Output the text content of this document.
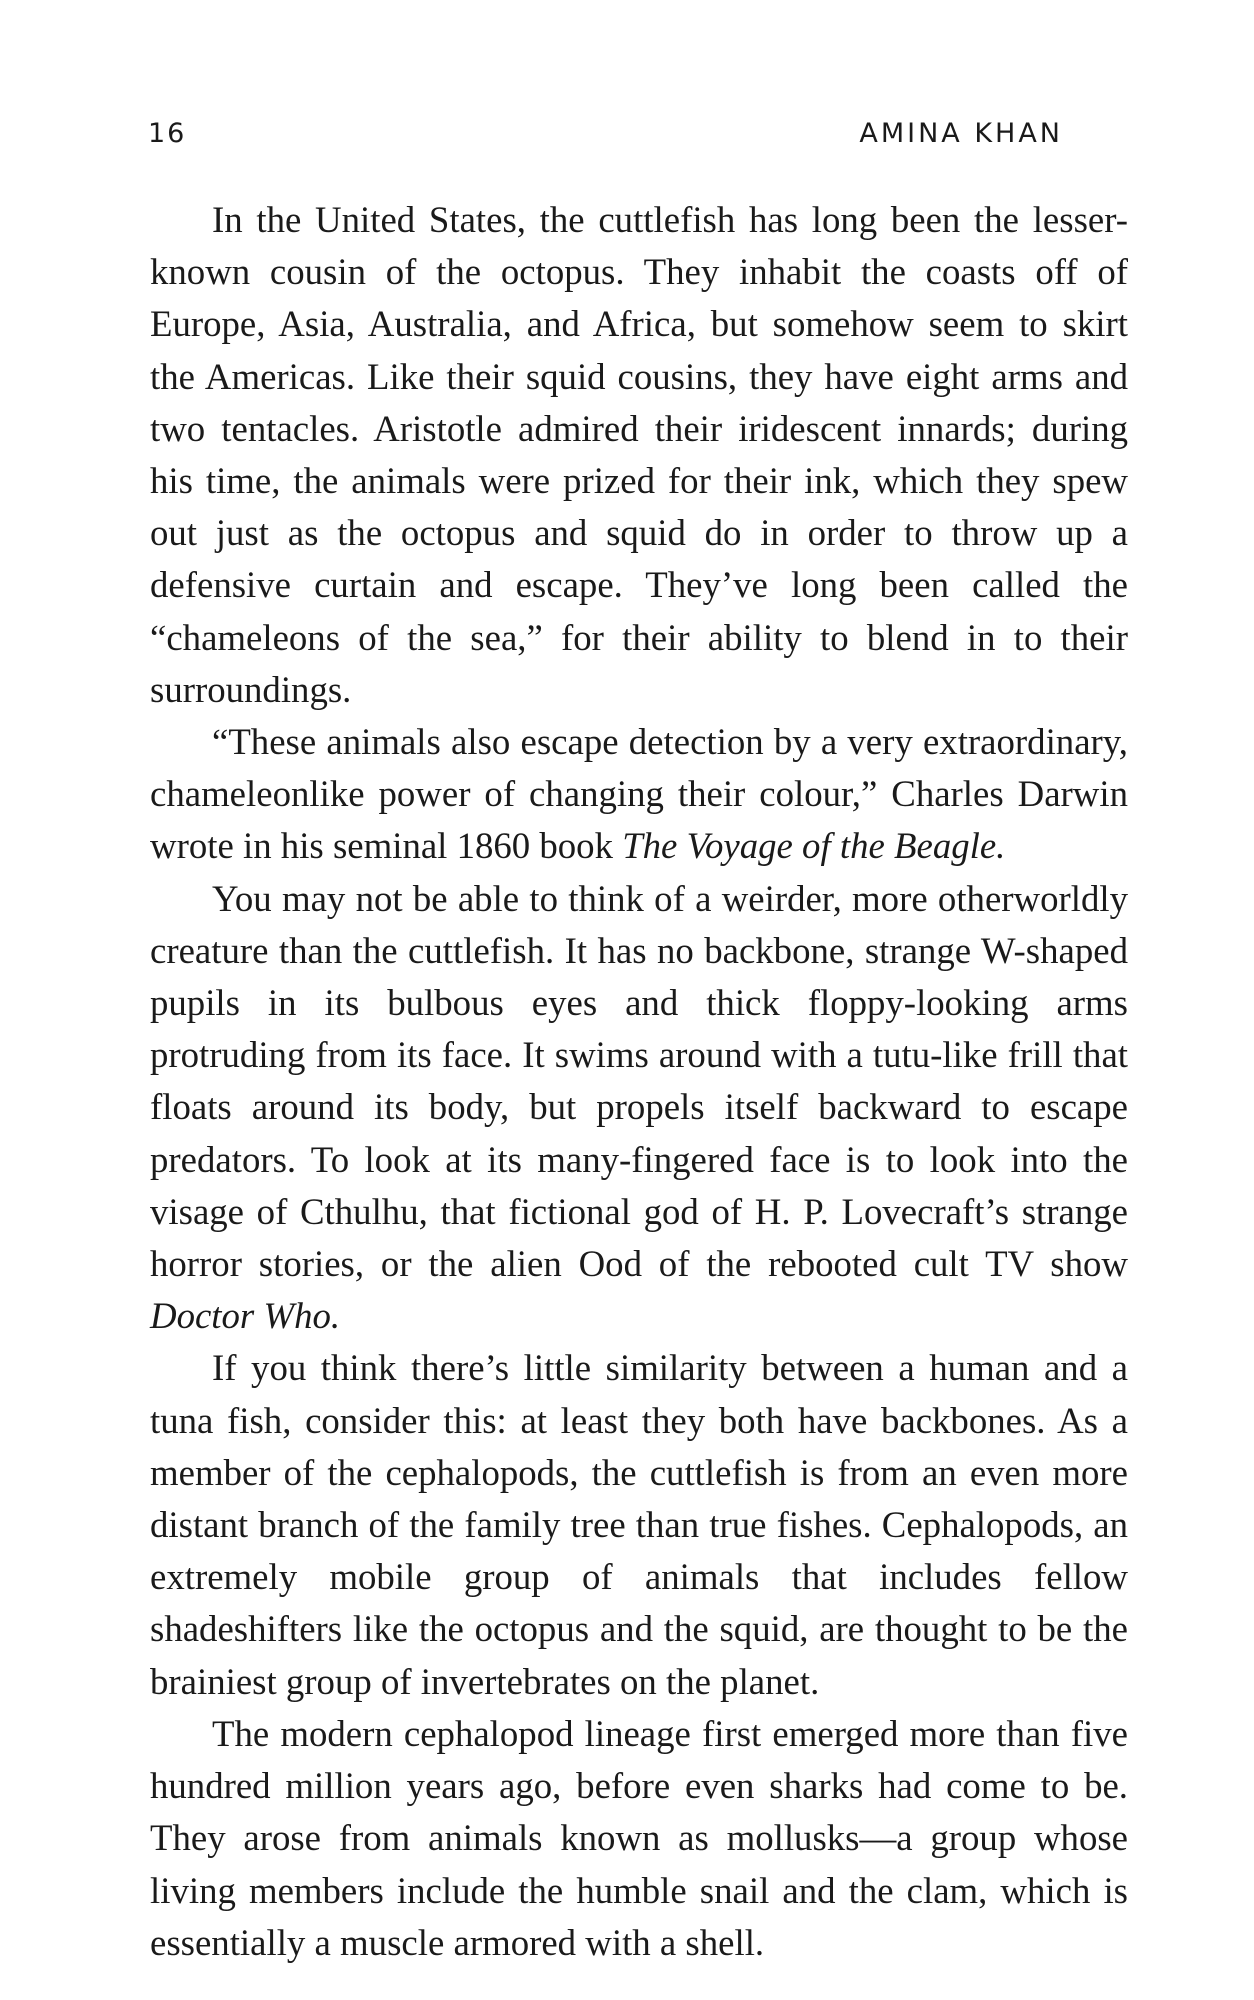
16	AMINA KHAN

In the United States, the cuttlefish has long been the lesser-known cousin of the octopus. They inhabit the coasts off of Europe, Asia, Australia, and Africa, but somehow seem to skirt the Americas. Like their squid cousins, they have eight arms and two tentacles. Aristotle admired their iridescent innards; during his time, the animals were prized for their ink, which they spew out just as the octopus and squid do in order to throw up a defensive curtain and escape. They’ve long been called the “chameleons of the sea,” for their ability to blend in to their surroundings.

“These animals also escape detection by a very extraordinary, chameleonlike power of changing their colour,” Charles Darwin wrote in his seminal 1860 book The Voyage of the Beagle.

You may not be able to think of a weirder, more otherworldly creature than the cuttlefish. It has no backbone, strange W-shaped pupils in its bulbous eyes and thick floppy-looking arms protruding from its face. It swims around with a tutu-like frill that floats around its body, but propels itself backward to escape predators. To look at its many-fingered face is to look into the visage of Cthulhu, that fictional god of H. P. Lovecraft’s strange horror stories, or the alien Ood of the rebooted cult TV show Doctor Who.

If you think there’s little similarity between a human and a tuna fish, consider this: at least they both have backbones. As a member of the cephalopods, the cuttlefish is from an even more distant branch of the family tree than true fishes. Cephalopods, an extremely mobile group of animals that includes fellow shadeshifters like the octopus and the squid, are thought to be the brainiest group of invertebrates on the planet.

The modern cephalopod lineage first emerged more than five hundred million years ago, before even sharks had come to be. They arose from animals known as mollusks—a group whose living members include the humble snail and the clam, which is essentially a muscle armored with a shell.
